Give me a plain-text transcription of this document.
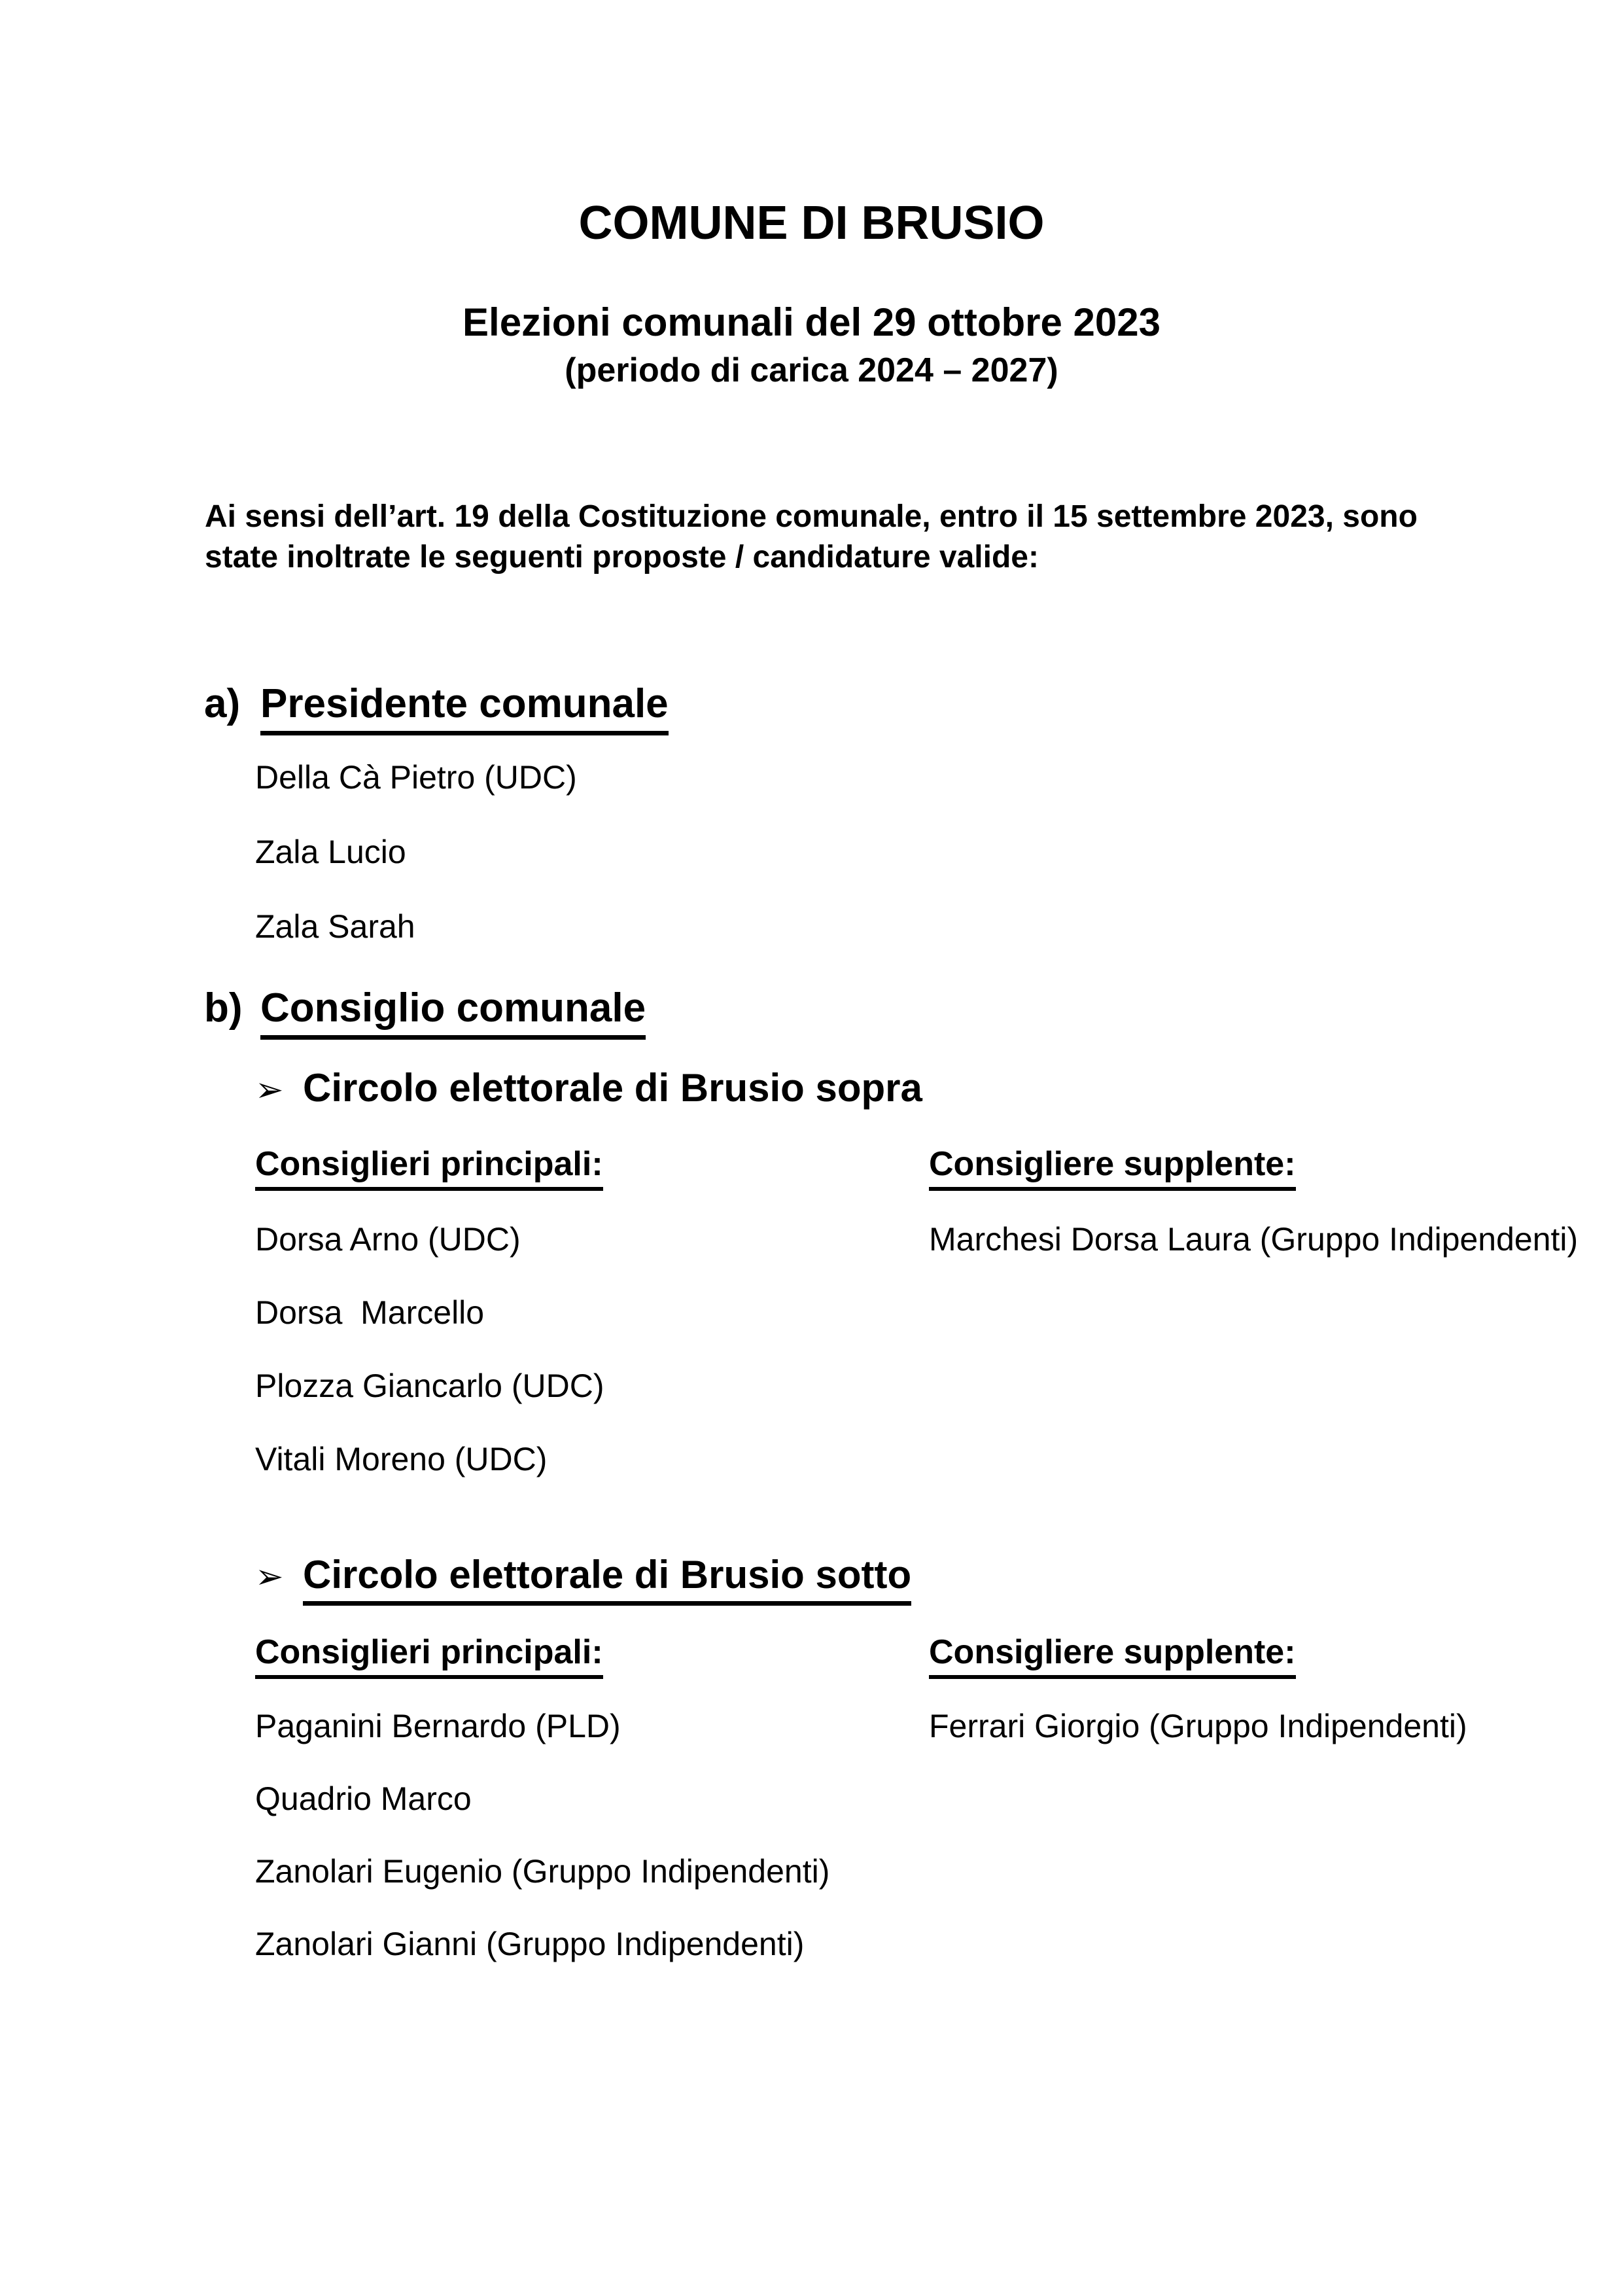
COMUNE DI BRUSIO
Elezioni comunali del 29 ottobre 2023
(periodo di carica 2024 – 2027)
Ai sensi dell’art. 19 della Costituzione comunale, entro il 15 settembre 2023, sono
state inoltrate le seguenti proposte / candidature valide:
a) Presidente comunale
Della Cà Pietro (UDC)
Zala Lucio
Zala Sarah
b) Consiglio comunale
➢ Circolo elettorale di Brusio sopra
Consiglieri principali:	Consigliere supplente:
Dorsa Arno (UDC)	Marchesi Dorsa Laura (Gruppo Indipendenti)
Dorsa  Marcello
Plozza Giancarlo (UDC)
Vitali Moreno (UDC)
➢ Circolo elettorale di Brusio sotto
Consiglieri principali:	Consigliere supplente:
Paganini Bernardo (PLD)	Ferrari Giorgio (Gruppo Indipendenti)
Quadrio Marco
Zanolari Eugenio (Gruppo Indipendenti)
Zanolari Gianni (Gruppo Indipendenti)
